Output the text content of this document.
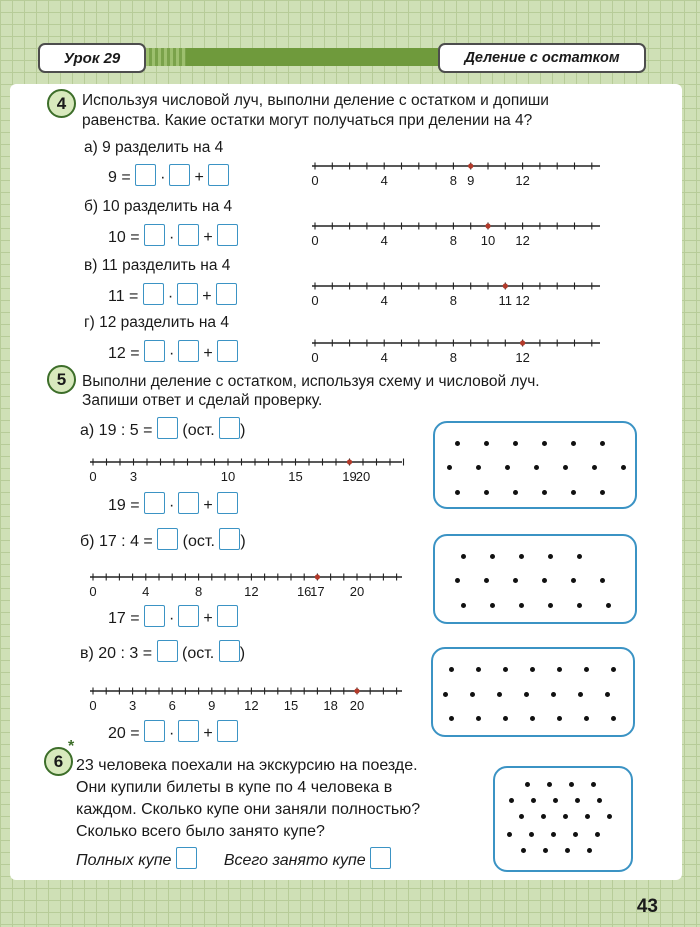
Урок 29	Деление с остатком
4	Используя числовой луч, выполни деление с остатком и допиши
равенства. Какие остатки могут получаться при делении на 4?
а) 9 разделить на 4
9 = · +	0	4	8 9	12
б) 10 разделить на 4
10 = · +	0	4	8 10 12
в) 11 разделить на 4
11 = · +	0	4	8	11 12
г) 12 разделить на 4
12 = · +	0	4	8	12
5	Выполни деление с остатком, используя схему и числовой луч.
Запиши ответ и сделай проверку.
а) 19 : 5 = (ост. )
0	3	10	15	19 20
19 = · +
б) 17 : 4 = (ост. )
0	4	8	12	16
17 20
17 = · +
в) 20 : 3 = (ост. )
0 3 6 9 12 15 18 20
20 = · +
6
*
23 человека поехали на экскурсию на поезде.
Они купили билеты в купе по 4 человека в
каждом. Сколько купе они заняли полностью?
Сколько всего было занято купе?
Полных купе	Всего занято купе
43
